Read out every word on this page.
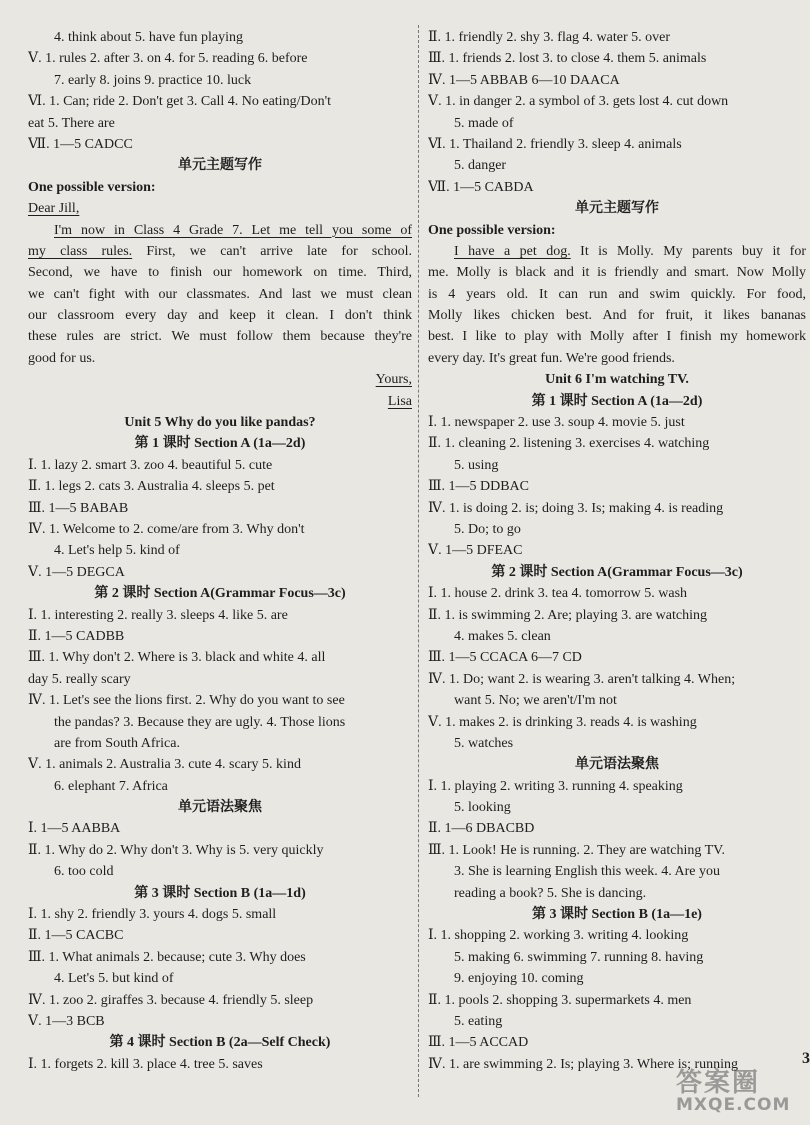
4. think about 5. have fun playing
Ⅴ. 1. rules 2. after 3. on 4. for 5. reading 6. before
7. early 8. joins 9. practice 10. luck
Ⅵ. 1. Can; ride 2. Don't get 3. Call 4. No eating/Don't
eat 5. There are
Ⅶ. 1—5 CADCC
单元主题写作
One possible version:
Dear Jill,
I'm now in Class 4 Grade 7. Let me tell you some of
my class rules. First, we can't arrive late for school.
Second, we have to finish our homework on time. Third,
we can't fight with our classmates. And last we must clean
our classroom every day and keep it clean. I don't think
these rules are strict. We must follow them because they're
good for us.
Yours,
Lisa
Unit 5 Why do you like pandas?
第 1 课时 Section A (1a—2d)
Ⅰ. 1. lazy 2. smart 3. zoo 4. beautiful 5. cute
Ⅱ. 1. legs 2. cats 3. Australia 4. sleeps 5. pet
Ⅲ. 1—5 BABAB
Ⅳ. 1. Welcome to 2. come/are from 3. Why don't
4. Let's help 5. kind of
Ⅴ. 1—5 DEGCA
第 2 课时 Section A(Grammar Focus—3c)
Ⅰ. 1. interesting 2. really 3. sleeps 4. like 5. are
Ⅱ. 1—5 CADBB
Ⅲ. 1. Why don't 2. Where is 3. black and white 4. all
day 5. really scary
Ⅳ. 1. Let's see the lions first. 2. Why do you want to see
the pandas? 3. Because they are ugly. 4. Those lions
are from South Africa.
Ⅴ. 1. animals 2. Australia 3. cute 4. scary 5. kind
6. elephant 7. Africa
单元语法聚焦
Ⅰ. 1—5 AABBA
Ⅱ. 1. Why do 2. Why don't 3. Why is 5. very quickly
6. too cold
第 3 课时 Section B (1a—1d)
Ⅰ. 1. shy 2. friendly 3. yours 4. dogs 5. small
Ⅱ. 1—5 CACBC
Ⅲ. 1. What animals 2. because; cute 3. Why does
4. Let's 5. but kind of
Ⅳ. 1. zoo 2. giraffes 3. because 4. friendly 5. sleep
Ⅴ. 1—3 BCB
第 4 课时 Section B (2a—Self Check)
Ⅰ. 1. forgets 2. kill 3. place 4. tree 5. saves
Ⅱ. 1. friendly 2. shy 3. flag 4. water 5. over
Ⅲ. 1. friends 2. lost 3. to close 4. them 5. animals
Ⅳ. 1—5 ABBAB 6—10 DAACA
Ⅴ. 1. in danger 2. a symbol of 3. gets lost 4. cut down
5. made of
Ⅵ. 1. Thailand 2. friendly 3. sleep 4. animals
5. danger
Ⅶ. 1—5 CABDA
单元主题写作
One possible version:
I have a pet dog. It is Molly. My parents buy it for
me. Molly is black and it is friendly and smart. Now Molly
is 4 years old. It can run and swim quickly. For food,
Molly likes chicken best. And for fruit, it likes bananas
best. I like to play with Molly after I finish my homework
every day. It's great fun. We're good friends.
Unit 6 I'm watching TV.
第 1 课时 Section A (1a—2d)
Ⅰ. 1. newspaper 2. use 3. soup 4. movie 5. just
Ⅱ. 1. cleaning 2. listening 3. exercises 4. watching
5. using
Ⅲ. 1—5 DDBAC
Ⅳ. 1. is doing 2. is; doing 3. Is; making 4. is reading
5. Do; to go
Ⅴ. 1—5 DFEAC
第 2 课时 Section A(Grammar Focus—3c)
Ⅰ. 1. house 2. drink 3. tea 4. tomorrow 5. wash
Ⅱ. 1. is swimming 2. Are; playing 3. are watching
4. makes 5. clean
Ⅲ. 1—5 CCACA 6—7 CD
Ⅳ. 1. Do; want 2. is wearing 3. aren't talking 4. When;
want 5. No; we aren't/I'm not
Ⅴ. 1. makes 2. is drinking 3. reads 4. is washing
5. watches
单元语法聚焦
Ⅰ. 1. playing 2. writing 3. running 4. speaking
5. looking
Ⅱ. 1—6 DBACBD
Ⅲ. 1. Look! He is running. 2. They are watching TV.
3. She is learning English this week. 4. Are you
reading a book? 5. She is dancing.
第 3 课时 Section B (1a—1e)
Ⅰ. 1. shopping 2. working 3. writing 4. looking
5. making 6. swimming 7. running 8. having
9. enjoying 10. coming
Ⅱ. 1. pools 2. shopping 3. supermarkets 4. men
5. eating
Ⅲ. 1—5 ACCAD
Ⅳ. 1. are swimming 2. Is; playing 3. Where is; running	3
答案圈
MXQE.COM
